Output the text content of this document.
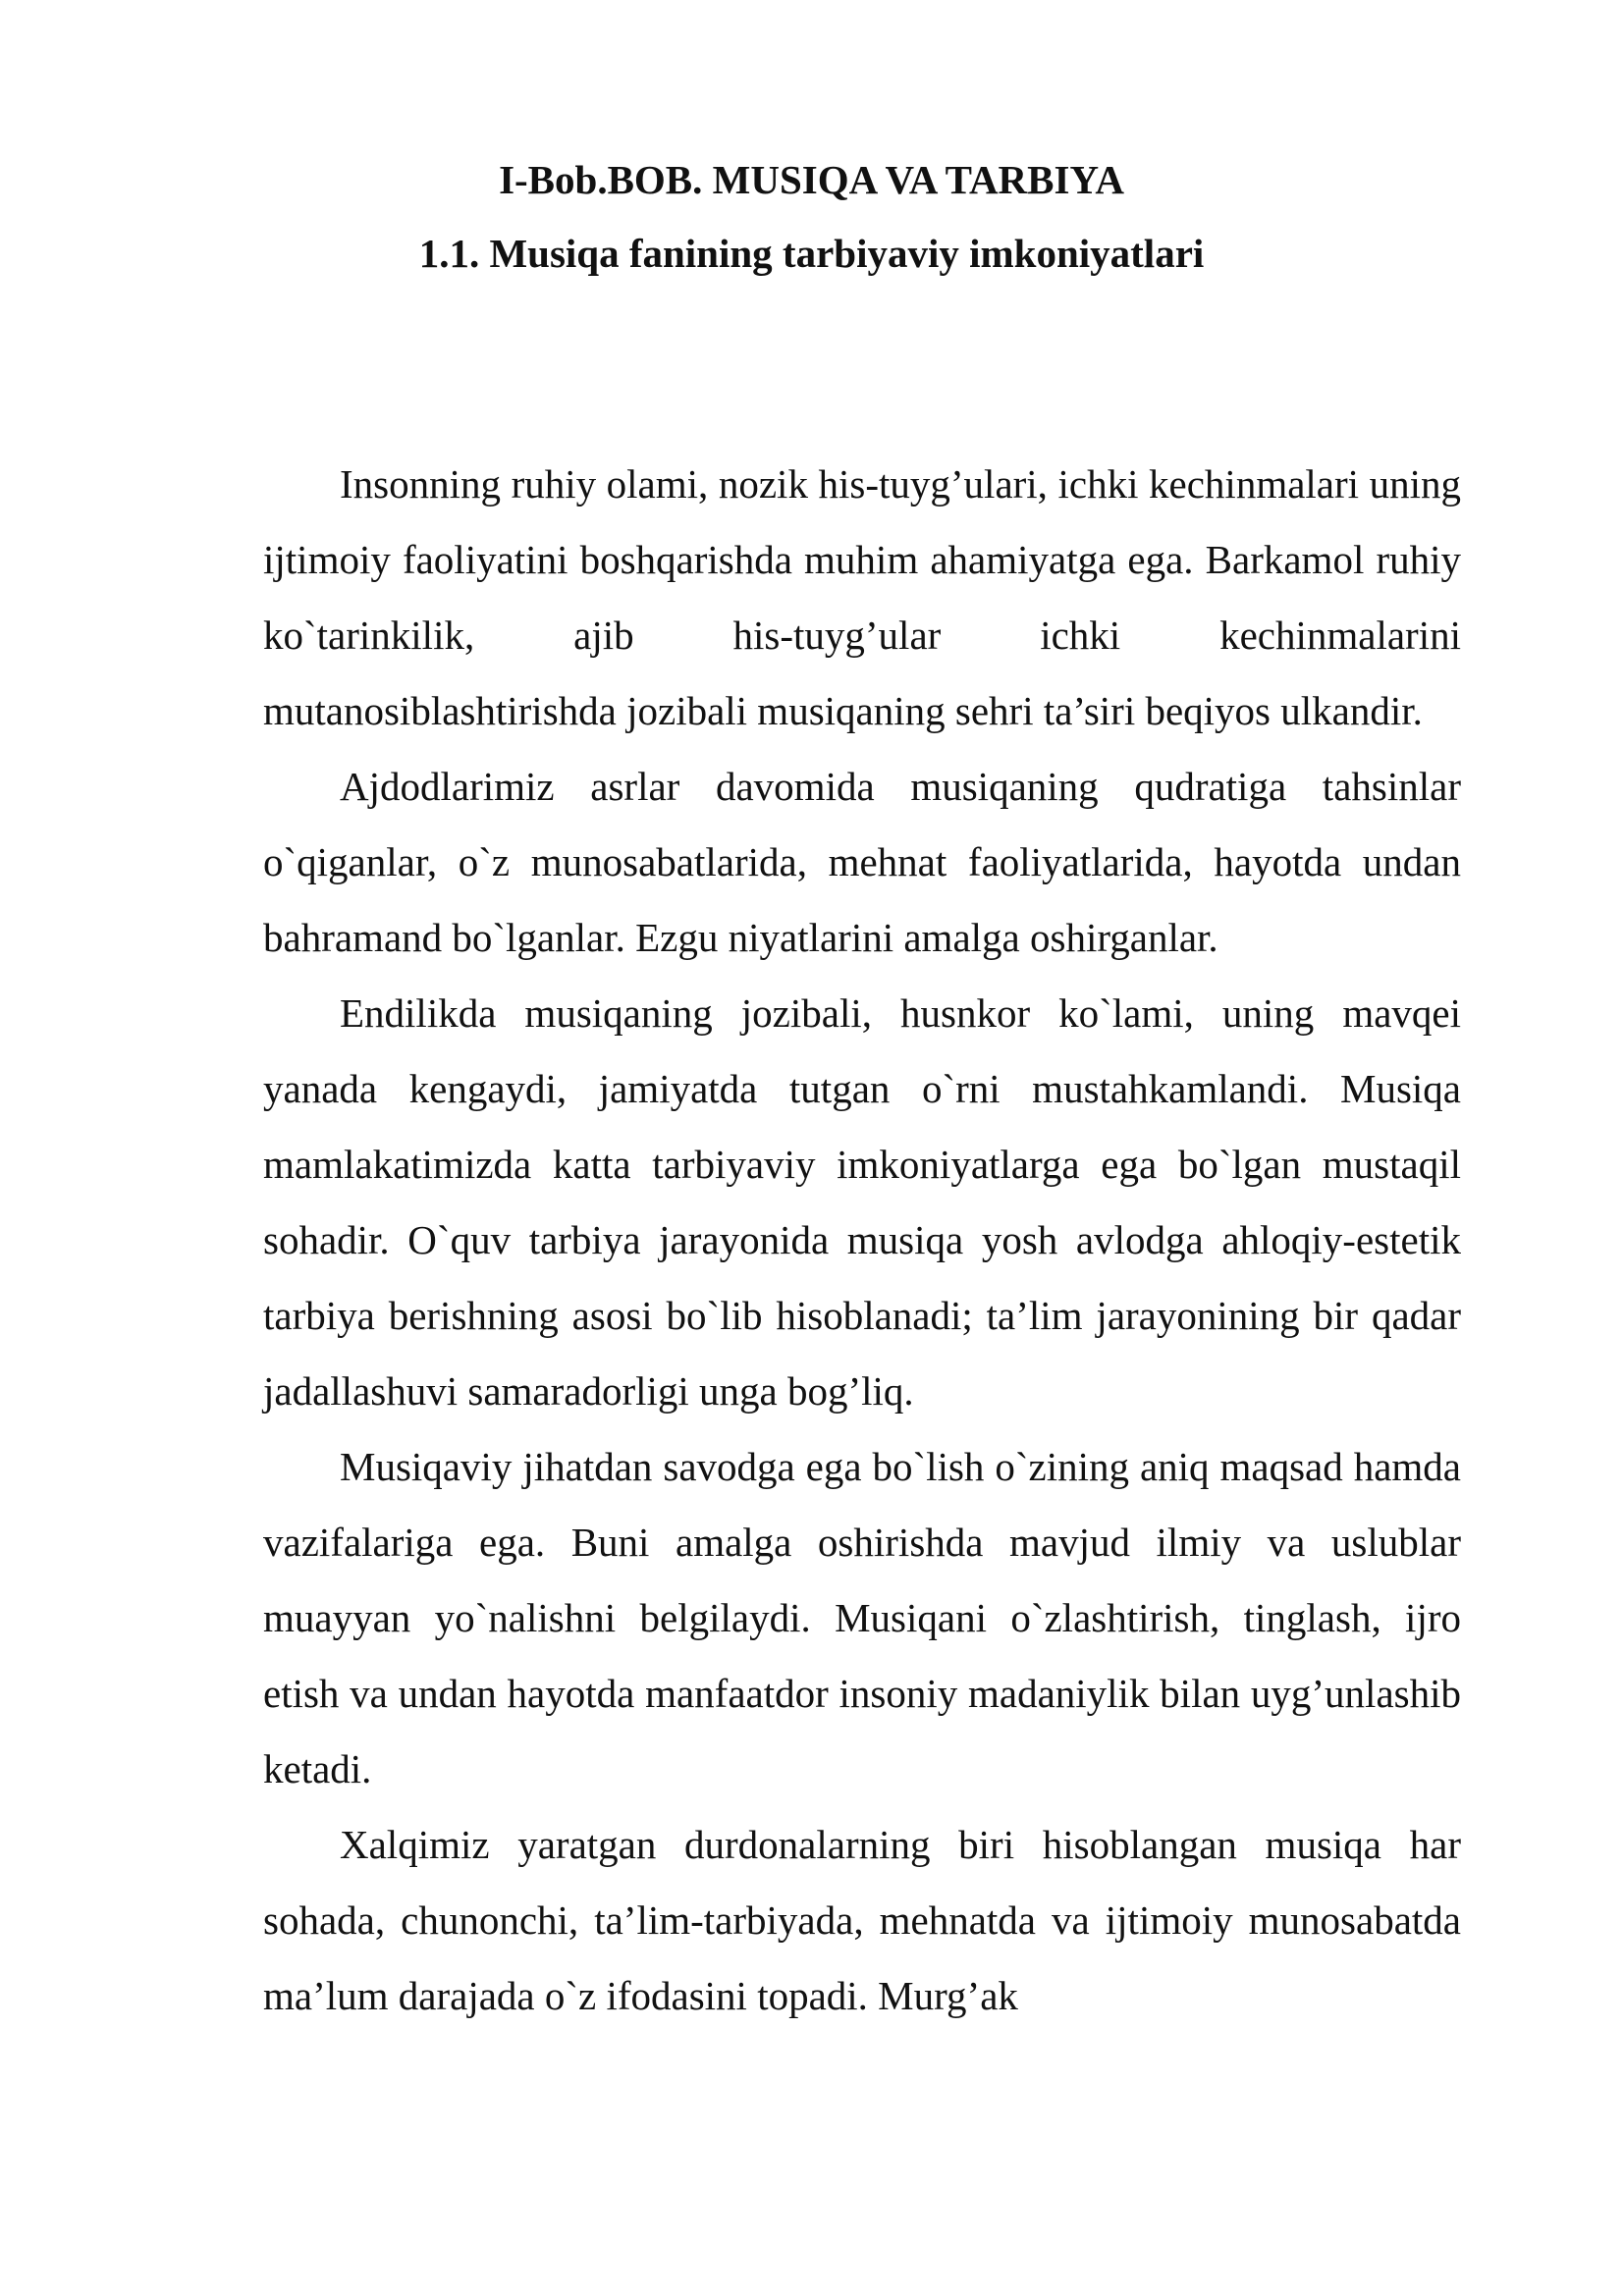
I-Bob.BOB. MUSIQA VA TARBIYA
1.1. Musiqa fanining tarbiyaviy imkoniyatlari

Insonning ruhiy olami, nozik his-tuyg’ulari, ichki kechinmalari uning ijtimoiy faoliyatini boshqarishda muhim ahamiyatga ega. Barkamol ruhiy ko`tarinkilik, ajib his-tuyg’ular ichki kechinmalarini mutanosiblashtirishda jozibali musiqaning sehri ta’siri beqiyos ulkandir.

Ajdodlarimiz asrlar davomida musiqaning qudratiga tahsinlar o`qiganlar, o`z munosabatlarida, mehnat faoliyatlarida, hayotda undan bahramand bo`lganlar. Ezgu niyatlarini amalga oshirganlar.

Endilikda musiqaning jozibali, husnkor ko`lami, uning mavqei yanada kengaydi, jamiyatda tutgan o`rni mustahkamlandi. Musiqa mamlakatimizda katta tarbiyaviy imkoniyatlarga ega bo`lgan mustaqil sohadir. O`quv tarbiya jarayonida musiqa yosh avlodga ahloqiy-estetik tarbiya berishning asosi bo`lib hisoblanadi; ta’lim jarayonining bir qadar jadallashuvi samaradorligi unga bog’liq.

Musiqaviy jihatdan savodga ega bo`lish o`zining aniq maqsad hamda vazifalariga ega. Buni amalga oshirishda mavjud ilmiy va uslublar muayyan yo`nalishni belgilaydi. Musiqani o`zlashtirish, tinglash, ijro etish va undan hayotda manfaatdor insoniy madaniylik bilan uyg’unlashib ketadi.

Xalqimiz yaratgan durdonalarning biri hisoblangan musiqa har sohada, chunonchi, ta’lim-tarbiyada, mehnatda va ijtimoiy munosabatda ma’lum darajada o`z ifodasini topadi. Murg’ak
